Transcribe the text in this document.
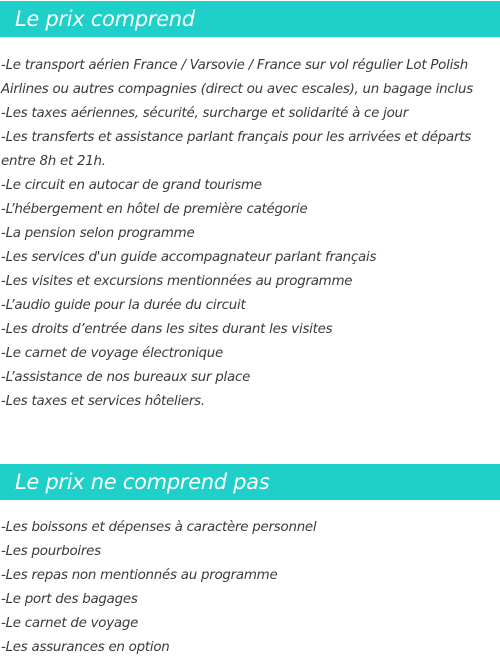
Le prix comprend
-Le transport aérien France / Varsovie / France sur vol régulier Lot Polish Airlines ou autres compagnies (direct ou avec escales), un bagage inclus
-Les taxes aériennes, sécurité, surcharge et solidarité à ce jour
-Les transferts et assistance parlant français pour les arrivées et départs entre 8h et 21h.
-Le circuit en autocar de grand tourisme
-L’hébergement en hôtel de première catégorie
-La pension selon programme
-Les services d'un guide accompagnateur parlant français
-Les visites et excursions mentionnées au programme
-L’audio guide pour la durée du circuit
-Les droits d’entrée dans les sites durant les visites
-Le carnet de voyage électronique
-L’assistance de nos bureaux sur place
-Les taxes et services hôteliers.
Le prix ne comprend pas
-Les boissons et dépenses à caractère personnel
-Les pourboires
-Les repas non mentionnés au programme
-Le port des bagages
-Le carnet de voyage
-Les assurances en option
